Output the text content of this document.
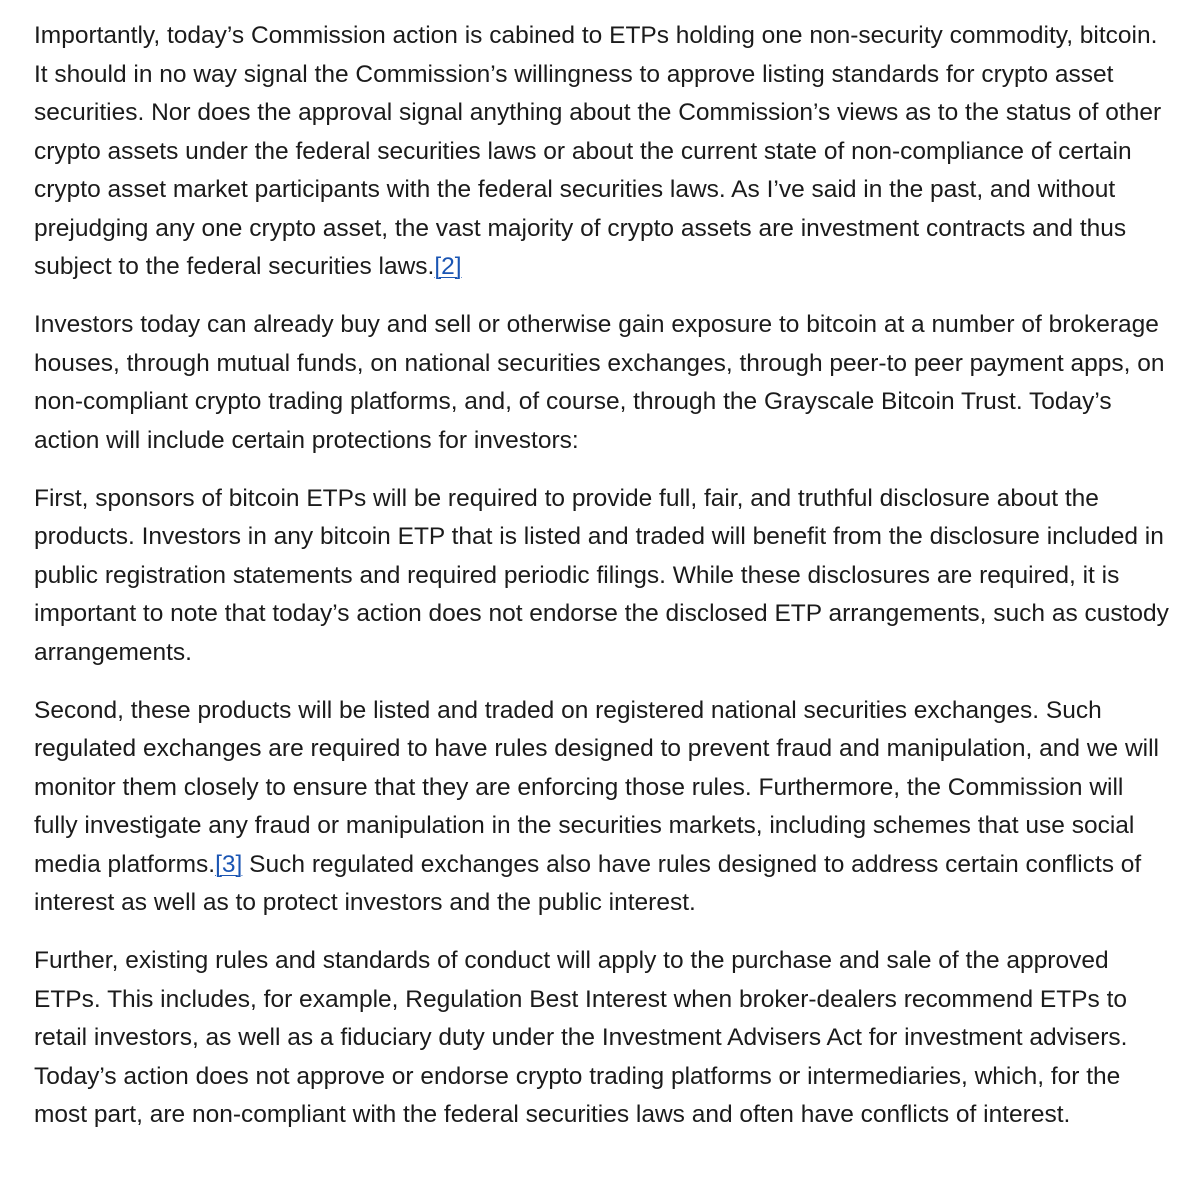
Importantly, today’s Commission action is cabined to ETPs holding one non-security commodity, bitcoin. It should in no way signal the Commission’s willingness to approve listing standards for crypto asset securities. Nor does the approval signal anything about the Commission’s views as to the status of other crypto assets under the federal securities laws or about the current state of non-compliance of certain crypto asset market participants with the federal securities laws. As I’ve said in the past, and without prejudging any one crypto asset, the vast majority of crypto assets are investment contracts and thus subject to the federal securities laws.[2]

Investors today can already buy and sell or otherwise gain exposure to bitcoin at a number of brokerage houses, through mutual funds, on national securities exchanges, through peer-to peer payment apps, on non-compliant crypto trading platforms, and, of course, through the Grayscale Bitcoin Trust. Today’s action will include certain protections for investors:

First, sponsors of bitcoin ETPs will be required to provide full, fair, and truthful disclosure about the products. Investors in any bitcoin ETP that is listed and traded will benefit from the disclosure included in public registration statements and required periodic filings. While these disclosures are required, it is important to note that today’s action does not endorse the disclosed ETP arrangements, such as custody arrangements.

Second, these products will be listed and traded on registered national securities exchanges. Such regulated exchanges are required to have rules designed to prevent fraud and manipulation, and we will monitor them closely to ensure that they are enforcing those rules. Furthermore, the Commission will fully investigate any fraud or manipulation in the securities markets, including schemes that use social media platforms.[3] Such regulated exchanges also have rules designed to address certain conflicts of interest as well as to protect investors and the public interest.

Further, existing rules and standards of conduct will apply to the purchase and sale of the approved ETPs. This includes, for example, Regulation Best Interest when broker-dealers recommend ETPs to retail investors, as well as a fiduciary duty under the Investment Advisers Act for investment advisers. Today’s action does not approve or endorse crypto trading platforms or intermediaries, which, for the most part, are non-compliant with the federal securities laws and often have conflicts of interest.
